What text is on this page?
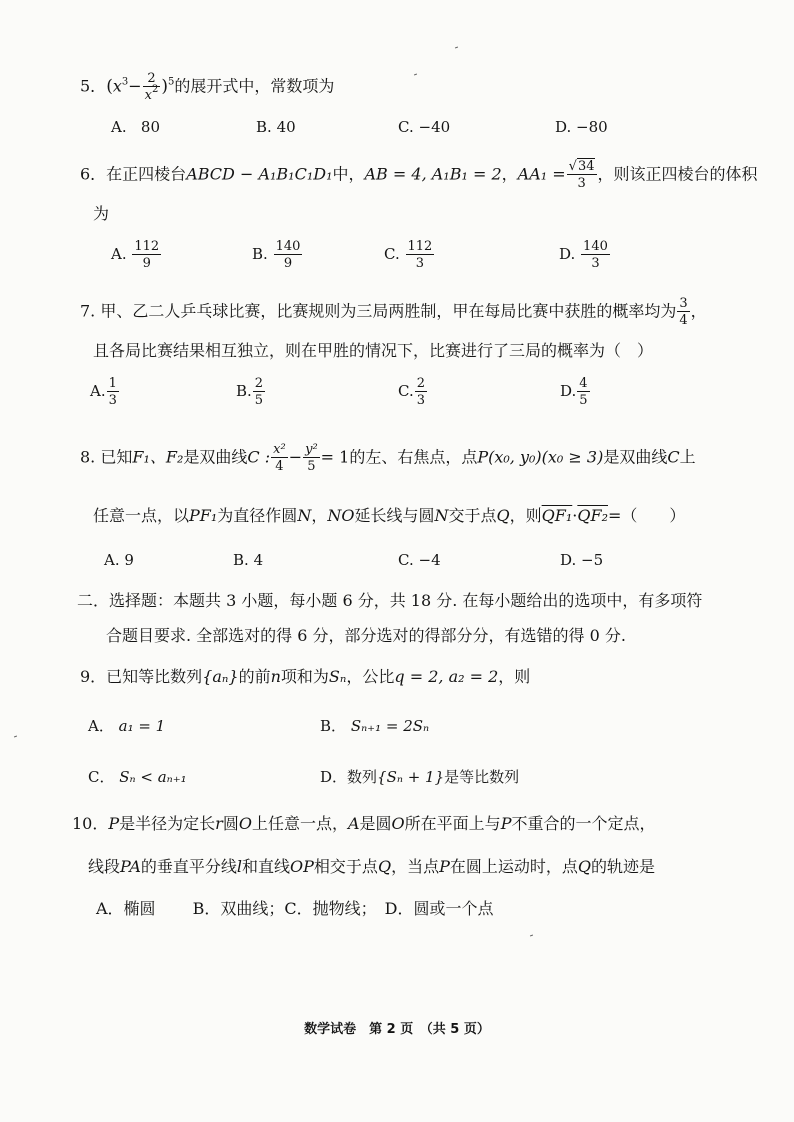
5．$(x^3- \frac{2}{x^2} )^5$的展开式中，常数项为
A. 80	B. 40	C. −40	D. −80
6．在正四棱台ABCD − A₁B₁C₁D₁中，AB = 4, A₁B₁ = 2，$AA_1 = \frac{√34}{3}$ ，则该正四棱台的体积
为
A. $\frac{112}{9}$	B. $\frac{140}{9}$	C. $\frac{112}{3}$	D. $\frac{140}{3}$
7. 甲、乙二人乒乓球比赛，比赛规则为三局两胜制，甲在每局比赛中获胜的概率均为 $\frac{3}{4}$ ，
且各局比赛结果相互独立，则在甲胜的情况下，比赛进行了三局的概率为（　）
A. $\frac{1}{3}$	B. $\frac{2}{5}$	C. $\frac{2}{3}$	D. $\frac{4}{5}$
8. 已知F₁、F₂是双曲线C : $\frac{\text{x²}}{4} - \frac{\text{y²}}{5} = 1$的左、右焦点，点P(x₀, y₀)(x₀ ≥ 3)是双曲线C上
任意一点，以PF₁为直径作圆N，NO延长线与圆N交于点Q，则QF₁·QF₂=（　　）
A. 9	B. 4	C. −4	D. −5
二．选择题：本题共 3 小题，每小题 6 分，共 18 分. 在每小题给出的选项中，有多项符
合题目要求. 全部选对的得 6 分，部分选对的得部分分，有选错的得 0 分.
9．已知等比数列{aₙ}的前n项和为Sₙ，公比q = 2, a₂ = 2，则
A． a₁ = 1	B． Sₙ₊₁ = 2Sₙ
C． Sₙ < aₙ₊₁	D．数列{Sₙ + 1}是等比数列
10．P是半径为定长r圆O上任意一点，A是圆O所在平面上与P不重合的一个定点，
线段PA的垂直平分线l和直线OP相交于点Q，当点P在圆上运动时，点Q的轨迹是
A．椭圆　　 B．双曲线；C．抛物线；　D．圆或一个点
数学试卷　第 2 页　（共 5 页）
